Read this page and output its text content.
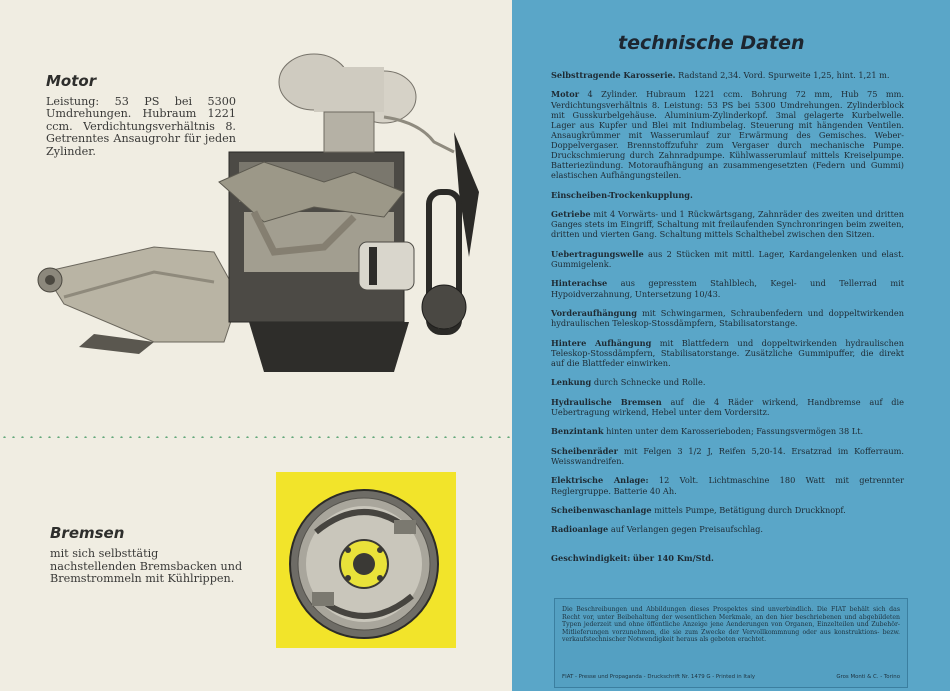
Motor
Leistung: 53 PS bei 5300 Umdrehungen. Hubraum 1221 ccm. Verdichtungsverhältnis 8. Getrenntes Ansaugrohr für jeden Zylinder.
Bremsen
mit sich selbsttätig nachstellenden Bremsbacken und Bremstrommeln mit Kühlrippen.
technische Daten

Selbsttragende Karosserie. Radstand 2,34. Vord. Spurweite 1,25, hint. 1,21 m.

Motor 4 Zylinder. Hubraum 1221 ccm. Bohrung 72 mm, Hub 75 mm. Verdichtungsverhältnis 8. Leistung: 53 PS bei 5300 Umdrehungen. Zylinderblock mit Gusskurbelgehäuse. Aluminium-Zylinderkopf. 3mal gelagerte Kurbelwelle. Lager aus Kupfer und Blei mit Indiumbelag. Steuerung mit hängenden Ventilen. Ansaugkrümmer mit Wasserumlauf zur Erwärmung des Gemisches. Weber-Doppelvergaser. Brennstoffzufuhr zum Vergaser durch mechanische Pumpe. Druckschmierung durch Zahnradpumpe. Kühlwasserumlauf mittels Kreiselpumpe. Batteriezündung. Motoraufhängung an zusammengesetzten (Federn und Gummi) elastischen Aufhängungsteilen.

Einscheiben-Trockenkupplung.

Getriebe mit 4 Vorwärts- und 1 Rückwärtsgang, Zahnräder des zweiten und dritten Ganges stets im Eingriff, Schaltung mit freilaufenden Synchronringen beim zweiten, dritten und vierten Gang. Schaltung mittels Schalthebel zwischen den Sitzen.

Uebertragungswelle aus 2 Stücken mit mittl. Lager, Kardangelenken und elast. Gummigelenk.

Hinterachse aus gepresstem Stahlblech, Kegel- und Tellerrad mit Hypoidverzahnung, Untersetzung 10/43.

Vorderaufhängung mit Schwingarmen, Schraubenfedern und doppeltwirkenden hydraulischen Teleskop-Stossdämpfern, Stabilisatorstange.

Hintere Aufhängung mit Blattfedern und doppeltwirkenden hydraulischen Teleskop-Stossdämpfern, Stabilisatorstange. Zusätzliche Gummipuffer, die direkt auf die Blattfeder einwirken.

Lenkung durch Schnecke und Rolle.

Hydraulische Bremsen auf die 4 Räder wirkend, Handbremse auf die Uebertragung wirkend, Hebel unter dem Vordersitz.

Benzintank hinten unter dem Karosserieboden; Fassungsvermögen 38 Lt.

Scheibenräder mit Felgen 3 1/2 J, Reifen 5,20-14. Ersatzrad im Kofferraum. Weisswandreifen.

Elektrische Anlage: 12 Volt. Lichtmaschine 180 Watt mit getrennter Reglergruppe. Batterie 40 Ah.

Scheibenwaschanlage mittels Pumpe, Betätigung durch Druckknopf.

Radioanlage auf Verlangen gegen Preisaufschlag.

Geschwindigkeit: über 140 Km/Std.

Die Beschreibungen und Abbildungen dieses Prospektes sind unverbindlich. Die FIAT behält sich das Recht vor, unter Beibehaltung der wesentlichen Merkmale, an den hier beschriebenen und abgebildeten Typen jederzeit und ohne öffentliche Anzeige jene Aenderungen von Organen, Einzelteilen und Zubehör-Mitlieferungen vorzunehmen, die sie zum Zwecke der Vervollkommnung oder aus konstruktions- bezw. verkaufstechnischer Notwendigkeit heraus als geboten erachtet.
FIAT - Presse und Propaganda - Druckschrift Nr. 1479 G - Printed in Italy	Gros Monti & C. - Torino
